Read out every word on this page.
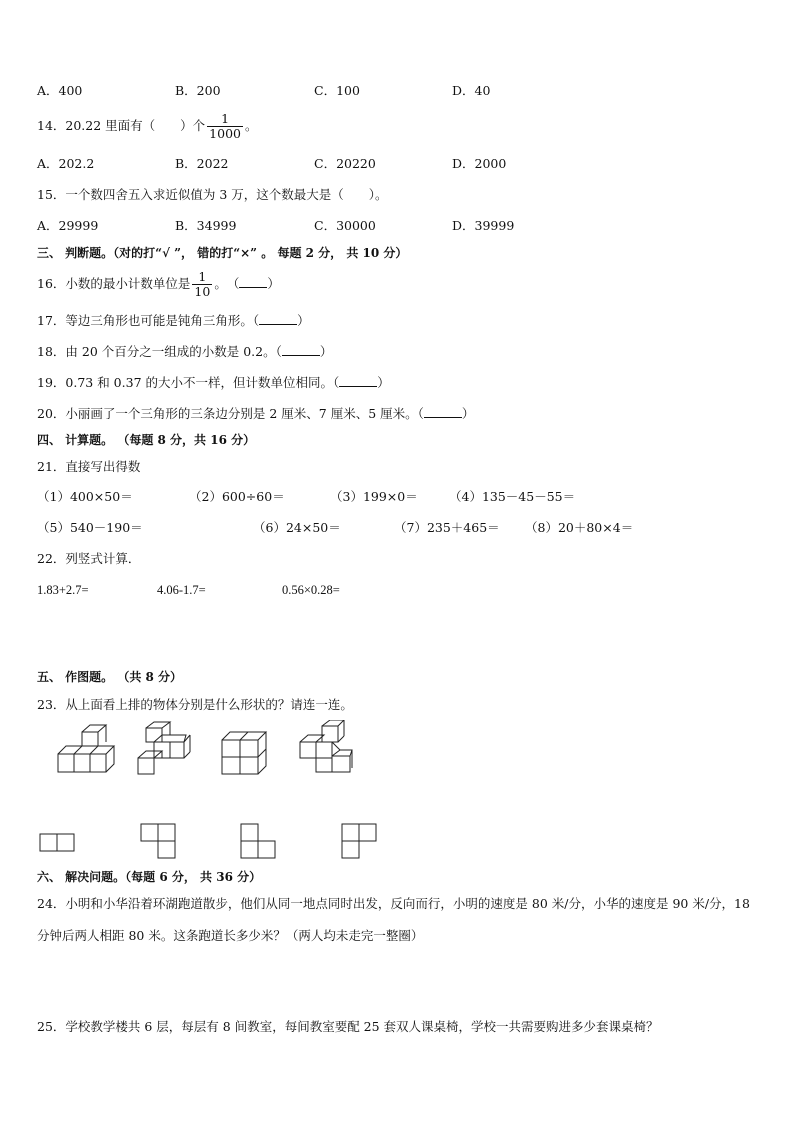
A．400	B．200	C．100	D．40
14．20.22 里面有（　　）个 $\frac{1}{1000}$ 。
A．202.2	B．2022	C．20220	D．2000
15．一个数四舍五入求近似值为 3 万，这个数最大是（　　）。
A．29999	B．34999	C．30000	D．39999
三、 判断题。（对的打“√ ”， 错的打“×” 。 每题 2 分， 共 10 分）
16．小数的最小计数单位是 $\frac{1}{10}$ 。　（ ）
17．等边三角形也可能是钝角三角形。（	）
18．由 20 个百分之一组成的小数是 0.2。（	）
19．0.73 和 0.37 的大小不一样，但计数单位相同。（	）
20．小丽画了一个三角形的三条边分别是 2 厘米、7 厘米、5 厘米。（	）
四、 计算题。 （每题 8 分，共 16 分）
21．直接写出得数
（1）400×50＝	（2）600÷60＝	（3）199×0＝	（4）135－45－55＝
（5）540－190＝	（6）24×50＝	（7）235＋465＝ （8）20＋80×4＝
22．列竖式计算．
1.83+2.7=	4.06-1.7=	0.56×0.28=
五、 作图题。 （共 8 分）
23．从上面看上排的物体分别是什么形状的？请连一连。
六、 解决问题。（每题 6 分， 共 36 分）
24．小明和小华沿着环湖跑道散步，他们从同一地点同时出发，反向而行，小明的速度是 80 米/分，小华的速度是 90 米/分，18 分钟后两人相距 80 米。这条跑道长多少米？（两人均未走完一整圈）
25．学校教学楼共 6 层，每层有 8 间教室，每间教室要配 25 套双人课桌椅，学校一共需要购进多少套课桌椅？
